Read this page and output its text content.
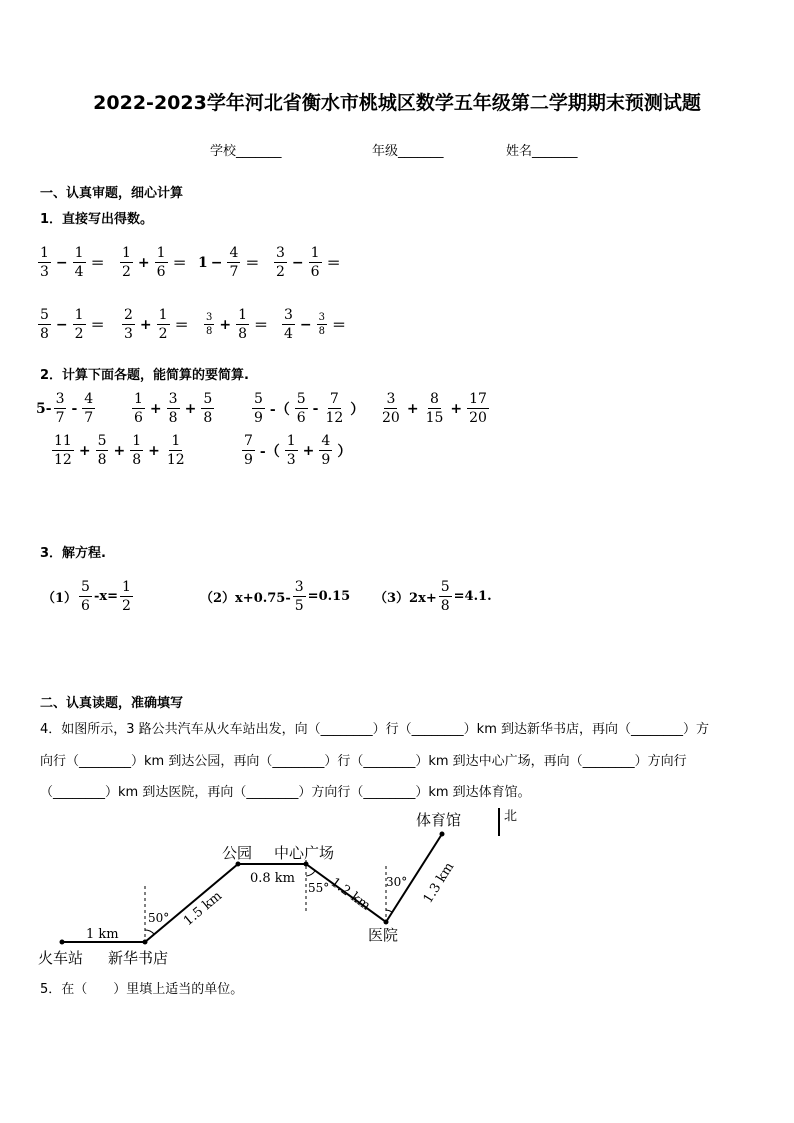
2022-2023学年河北省衡水市桃城区数学五年级第二学期期末预测试题
学校_______	年级_______	姓名_______
一、认真审题，细心计算
1．直接写出得数。
$\frac{1}{3} - \frac{1}{4} = \frac{1}{2} + \frac{1}{6} = 1 - \frac{4}{7} = \frac{3}{2} - \frac{1}{6}$ ＝
$\frac{5}{8} - \frac{1}{2} = \frac{2}{3} + \frac{1}{2} = \frac{3}{8} + \frac{1}{8} = \frac{3}{4} - \frac{3}{8}$ ＝
2．计算下面各题，能简算的要简算.
$5- \frac{3}{7} - \frac{4}{7}$	$\frac{1}{6} + \frac{3}{8} + \frac{5}{8}$	$\frac{5}{9}$ -（ $\frac{5}{6} - \frac{7}{12}$ ） $\frac{3}{20} + \frac{8}{15} + \frac{17}{20}$
$\frac{11}{12} + \frac{5}{8} + \frac{1}{8} + \frac{1}{12}$	$\frac{7}{9}$ -（ $\frac{1}{3} + \frac{4}{9}$ ）
3．解方程.
$(1) \frac{5}{6} -x= \frac{1}{2}$	$(2)x+0.75- \frac{3}{5} =0.15$ $(3)2x+ \frac{5}{8} =4.1$.
二、认真读题，准确填写
4．如图所示，3 路公共汽车从火车站出发，向（________）行（________）km 到达新华书店，再向（________）方
向行（________）km 到达公园，再向（________）行（________）km 到达中心广场，再向（________）方向行
（________）km 到达医院，再向（________）方向行（________）km 到达体育馆。
火车站 新华书店
公园 中心广场
医院
体育馆	北
1 km
1.5 km
0.8 km	1.2 km	1.3 km
50°
55°	30°
5．在（　　）里填上适当的单位。
